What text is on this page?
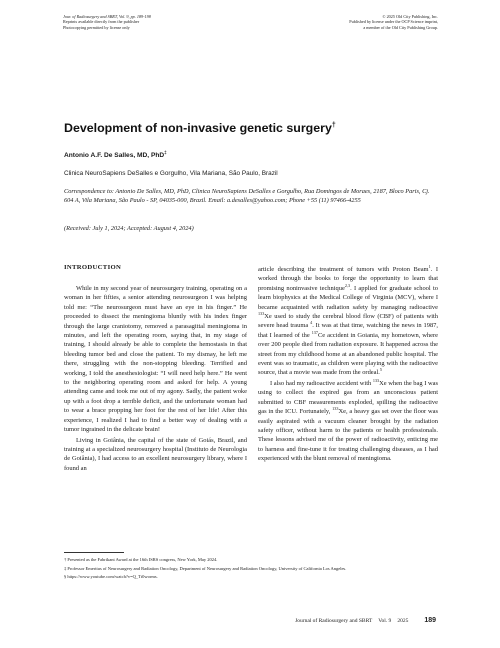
Jour. of Radiosurgery and SBRT, Vol. 9, pp. 189-198
Reprints available directly from the publisher
Photocopying permitted by license only
© 2025 Old City Publishing, Inc.
Published by license under the OCP Science imprint,
a member of the Old City Publishing Group.
Development of non-invasive genetic surgery†
Antonio A.F. De Salles, MD, PhD‡
Clinica NeuroSapiens DeSalles e Gorgulho, Vila Mariana, São Paulo, Brazil
Correspondence to: Antonio De Salles, MD, PhD, Clinica NeuroSapiens DeSalles e Gorgulho, Rua Domingos de Moraes, 2187, Bloco Paris, Cj. 604 A, Vila Mariana, São Paulo - SP, 04035-000, Brazil. Email: a.desalles@yahoo.com; Phone +55 (11) 97466-4255
(Received: July 1, 2024; Accepted: August 4, 2024)
INTRODUCTION

While in my second year of neurosurgery training, operating on a woman in her fifties, a senior attending neurosurgeon I was helping told me: “The neurosurgeon must have an eye in his finger.” He proceeded to dissect the meningioma bluntly with his index finger through the large craniotomy, removed a parasagittal meningioma in minutes, and left the operating room, saying that, in my stage of training, I should already be able to complete the hemostasis in that bleeding tumor bed and close the patient. To my dismay, he left me there, struggling with the non-stopping bleeding. Terrified and working, I told the anesthesiologist: “I will need help here.” He went to the neighboring operating room and asked for help. A young attending came and took me out of my agony. Sadly, the patient woke up with a foot drop a terrible deficit, and the unfortunate woman had to wear a brace propping her foot for the rest of her life! After this experience, I realized I had to find a better way of dealing with a tumor ingrained in the delicate brain!

Living in Goiânia, the capital of the state of Goiás, Brazil, and training at a specialized neurosurgery hospital (Instituto de Neurologia de Goiânia), I had access to an excellent neurosurgery library, where I found an

article describing the treatment of tumors with Proton Beam$^1$. I worked through the books to forge the opportunity to learn that promising noninvasive technique$^{2,3}$. I applied for graduate school to learn biophysics at the Medical College of Virginia (MCV), where I became acquainted with radiation safety by managing radioactive $^{133}$Xe used to study the cerebral blood flow (CBF) of patients with severe head trauma $^4$. It was at that time, watching the news in 1987, that I learned of the $^{137}$Ce accident in Goiania, my hometown, where over 200 people died from radiation exposure. It happened across the street from my childhood home at an abandoned public hospital. The event was so traumatic, as children were playing with the radioactive source, that a movie was made from the ordeal.$^5$

I also had my radioactive accident with $^{133}$Xe when the bag I was using to collect the expired gas from an unconscious patient submitted to CBF measurements exploded, spilling the radioactive gas in the ICU. Fortunately, $^{133}$Xe, a heavy gas set over the floor was easily aspirated with a vacuum cleaner brought by the radiation safety officer, without harm to the patients or health professionals. These lessons advised me of the power of radioactivity, enticing me to harness and fine-tune it for treating challenging diseases, as I had experienced with the blunt removal of meningioma.

† Presented as the Fabrikant Award at the 16th ISRS congress, New York, May 2024.
‡ Professor Emeritus of Neurosurgery and Radiation Oncology, Department of Neurosurgery and Radiation Oncology, University of California Los Angeles.
§ https://www.youtube.com/watch?v=Q_Tt0worms.
Journal of Radiosurgery and SBRT Vol. 9 2025 189
